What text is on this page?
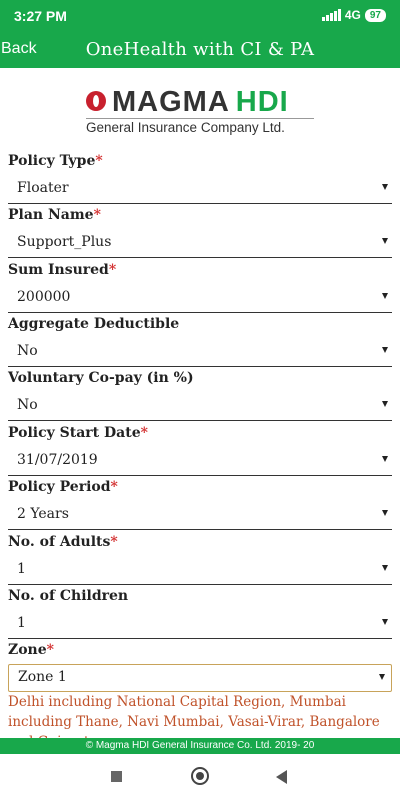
3:27 PM	4G 97
Back	OneHealth with CI & PA
MAGMA HDI
General Insurance Company Ltd.
Policy Type*
Floater
Plan Name*
Support_Plus
Sum Insured*
200000
Aggregate Deductible
No
Voluntary Co-pay (in %)
No
Policy Start Date*
31/07/2019
Policy Period*
2 Years
No. of Adults*
1
No. of Children
1
Zone*
Zone 1
Delhi including National Capital Region, Mumbai including Thane, Navi Mumbai, Vasai-Virar, Bangalore
© Magma HDI General Insurance Co. Ltd. 2019- 20
